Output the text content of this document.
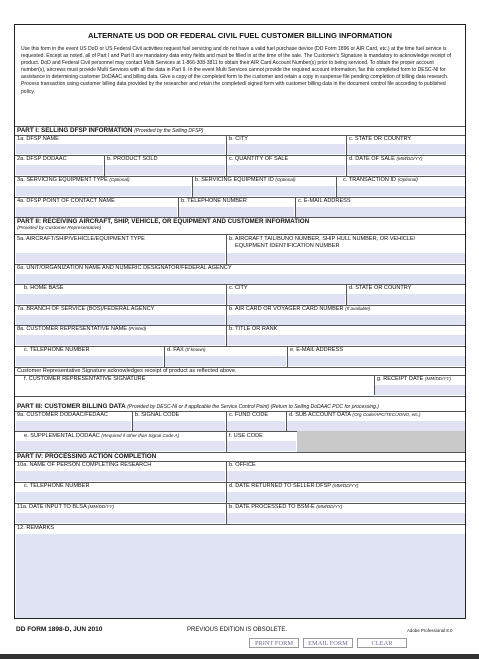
ALTERNATE US DOD OR FEDERAL CIVIL FUEL CUSTOMER BILLING INFORMATION
Use this form in the event US DoD or US Federal Civil activities request fuel servicing and do not have a valid fuel purchase device (DD Form 1896 or AIR Card, etc.) at the time fuel service is requested. Except as noted, all of Part I and Part II are mandatory data entry fields and must be filled in at the time of the sale. The Customer's Signature is mandatory to acknowledge receipt of product. DoD and Federal Civil personnel may contact Multi Services at 1-866-308-3811 to obtain their AIR Card Account Number(s) prior to being serviced. To obtain the proper account number(s), aircrews must provide Multi Services with all the data in Part II. In the event Multi Services cannot provide the required account information, fax this completed form to DESC-NI for assistance in determining customer DoDAAC and billing data. Give a copy of the completed form to the customer and retain a copy in suspense file pending completion of billing data research. Process transaction using customer billing data provided by the researcher and retain the completed/ signed form with customer billing data in the document control file according to published policy.
PART I: SELLING DFSP INFORMATION (Provided by the Selling DFSP)
1a. DFSP NAME	b. CITY	c. STATE OR COUNTRY
2a. DFSP DODAAC	b. PRODUCT SOLD	c. QUANTITY OF SALE	d. DATE OF SALE (MM/DD/YY)
3a. SERVICING EQUIPMENT TYPE (Optional)	b. SERVICING EQUIPMENT ID (Optional)	c. TRANSACTION ID (Optional)
4a. DFSP POINT OF CONTACT NAME	b. TELEPHONE NUMBER	c. E-MAIL ADDRESS
PART II: RECEIVING AIRCRAFT, SHIP, VEHICLE, OR EQUIPMENT AND CUSTOMER INFORMATION
(Provided by Customer Representative)
5a. AIRCRAFT/SHIP/VEHICLE/EQUIPMENT TYPE	b. AIRCRAFT TAIL/BUNO NUMBER, SHIP HULL NUMBER, OR VEHICLE/
EQUIPMENT IDENTIFICATION NUMBER
6a. UNIT/ORGANIZATION NAME AND NUMERIC DESIGNATOR/FEDERAL AGENCY
b. HOME BASE	c. CITY	d. STATE OR COUNTRY
7a. BRANCH OF SERVICE (BOS)/FEDERAL AGENCY	b. AIR CARD OR VOYAGER CARD NUMBER (If available)
8a. CUSTOMER REPRESENTATIVE NAME (Printed)	b. TITLE OR RANK
c. TELEPHONE NUMBER	d. FAX (If known)	e. E-MAIL ADDRESS
Customer Representative Signature acknowledges receipt of product as reflected above.
f. CUSTOMER REPRESENTATIVE SIGNATURE	g. RECEIPT DATE (MM/DD/YY)
PART III: CUSTOMER BILLING DATA (Provided by DESC-NI or if applicable the Service Control Point) (Return to Selling DoDAAC POC for processing.)
9a. CUSTOMER DODAAC/FEDAAC	b. SIGNAL CODE	c. FUND CODE	d. SUB ACCOUNT DATA (Org Code/APC/TEC/JONO, etc.)
e. SUPPLEMENTAL DODAAC (Required if other than Signal Code A)	f. USE CODE
PART IV: PROCESSING ACTION COMPLETION
10a. NAME OF PERSON COMPLETING RESEARCH	b. OFFICE
c. TELEPHONE NUMBER	d. DATE RETURNED TO SELLER DFSP (MM/DD/YY)
11a. DATE INPUT TO BLSA (MM/DD/YY)	b. DATE PROCESSED TO BSM-E (MM/DD/YY)
12. REMARKS
DD FORM 1898-D, JUN 2010	PREVIOUS EDITION IS OBSOLETE.	Adobe Professional 8.0
PRINT FORM	EMAIL FORM	CLEAR
